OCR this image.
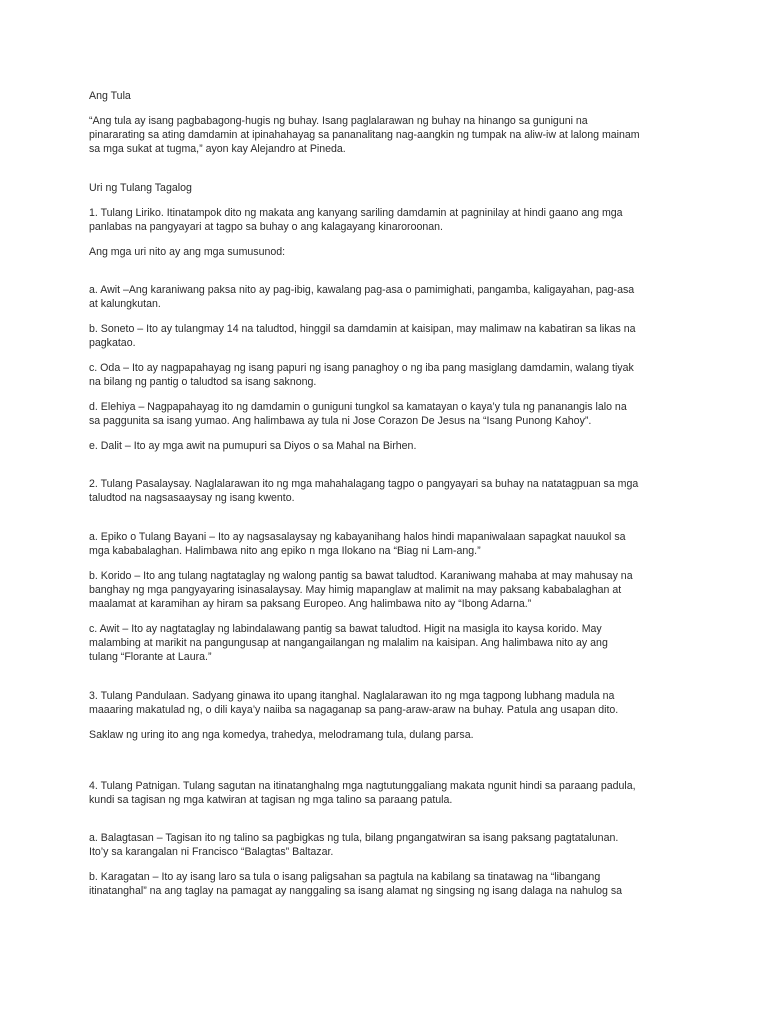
Ang Tula

“Ang tula ay isang pagbabagong-hugis ng buhay. Isang paglalarawan ng buhay na hinango sa guniguni na
pinararating sa ating damdamin at ipinahahayag sa pananalitang nag-aangkin ng tumpak na aliw-iw at lalong mainam
sa mga sukat at tugma,” ayon kay Alejandro at Pineda.

Uri ng Tulang Tagalog

1. Tulang Liriko. Itinatampok dito ng makata ang kanyang sariling damdamin at pagninilay at hindi gaano ang mga
panlabas na pangyayari at tagpo sa buhay o ang kalagayang kinaroroonan.

Ang mga uri nito ay ang mga sumusunod:

a. Awit –Ang karaniwang paksa nito ay pag-ibig, kawalang pag-asa o pamimighati, pangamba, kaligayahan, pag-asa
at kalungkutan.

b. Soneto – Ito ay tulangmay 14 na taludtod, hinggil sa damdamin at kaisipan, may malimaw na kabatiran sa likas na
pagkatao.

c. Oda – Ito ay nagpapahayag ng isang papuri ng isang panaghoy o ng iba pang masiglang damdamin, walang tiyak
na bilang ng pantig o taludtod sa isang saknong.

d. Elehiya – Nagpapahayag ito ng damdamin o guniguni tungkol sa kamatayan o kaya’y tula ng pananangis lalo na
sa paggunita sa isang yumao. Ang halimbawa ay tula ni Jose Corazon De Jesus na “Isang Punong Kahoy”.

e. Dalit – Ito ay mga awit na pumupuri sa Diyos o sa Mahal na Birhen.

2. Tulang Pasalaysay. Naglalarawan ito ng mga mahahalagang tagpo o pangyayari sa buhay na natatagpuan sa mga
taludtod na nagsasaaysay ng isang kwento.

a. Epiko o Tulang Bayani – Ito ay nagsasalaysay ng kabayanihang halos hindi mapaniwalaan sapagkat nauukol sa
mga kababalaghan. Halimbawa nito ang epiko n mga Ilokano na “Biag ni Lam-ang.”

b. Korido – Ito ang tulang nagtataglay ng walong pantig sa bawat taludtod. Karaniwang mahaba at may mahusay na
banghay ng mga pangyayaring isinasalaysay. May himig mapanglaw at malimit na may paksang kababalaghan at
maalamat at karamihan ay hiram sa paksang Europeo. Ang halimbawa nito ay “Ibong Adarna.”

c. Awit – Ito ay nagtataglay ng labindalawang pantig sa bawat taludtod. Higit na masigla ito kaysa korido. May
malambing at marikit na pangungusap at nangangailangan ng malalim na kaisipan. Ang halimbawa nito ay ang
tulang “Florante at Laura.”

3. Tulang Pandulaan. Sadyang ginawa ito upang itanghal. Naglalarawan ito ng mga tagpong lubhang madula na
maaaring makatulad ng, o dili kaya’y naiiba sa nagaganap sa pang-araw-araw na buhay. Patula ang usapan dito.

Saklaw ng uring ito ang nga komedya, trahedya, melodramang tula, dulang parsa.

4. Tulang Patnigan. Tulang sagutan na itinatanghalng mga nagtutunggaliang makata ngunit hindi sa paraang padula,
kundi sa tagisan ng mga katwiran at tagisan ng mga talino sa paraang patula.

a. Balagtasan – Tagisan ito ng talino sa pagbigkas ng tula, bilang pngangatwiran sa isang paksang pagtatalunan.
Ito’y sa karangalan ni Francisco “Balagtas” Baltazar.

b. Karagatan – Ito ay isang laro sa tula o isang paligsahan sa pagtula na kabilang sa tinatawag na “libangang
itinatanghal” na ang taglay na pamagat ay nanggaling sa isang alamat ng singsing ng isang dalaga na nahulog sa
